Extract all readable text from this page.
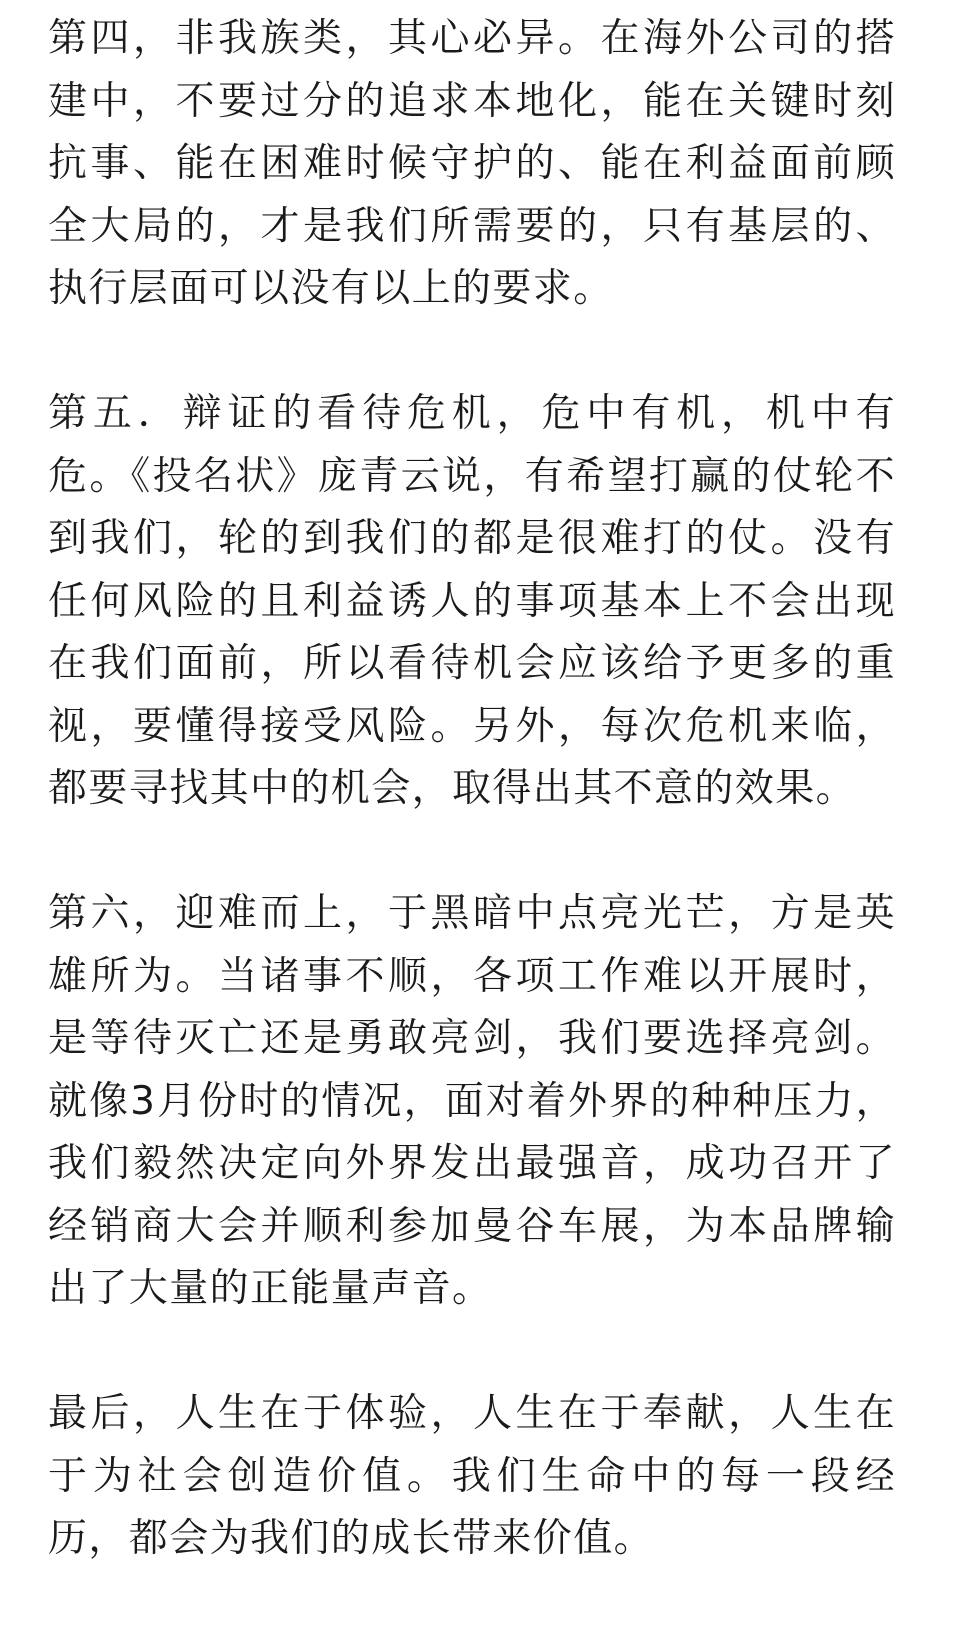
第四，非我族类，其心必异。在海外公司的搭建中，不要过分的追求本地化，能在关键时刻抗事、能在困难时候守护的、能在利益面前顾全大局的，才是我们所需要的，只有基层的、执行层面可以没有以上的要求。

第五．辩证的看待危机，危中有机，机中有危。《投名状》庞青云说，有希望打赢的仗轮不到我们，轮的到我们的都是很难打的仗。没有任何风险的且利益诱人的事项基本上不会出现在我们面前，所以看待机会应该给予更多的重视，要懂得接受风险。另外，每次危机来临，都要寻找其中的机会，取得出其不意的效果。

第六，迎难而上，于黑暗中点亮光芒，方是英雄所为。当诸事不顺，各项工作难以开展时，是等待灭亡还是勇敢亮剑，我们要选择亮剑。就像3月份时的情况，面对着外界的种种压力，我们毅然决定向外界发出最强音，成功召开了经销商大会并顺利参加曼谷车展，为本品牌输出了大量的正能量声音。

最后，人生在于体验，人生在于奉献，人生在于为社会创造价值。我们生命中的每一段经历，都会为我们的成长带来价值。
